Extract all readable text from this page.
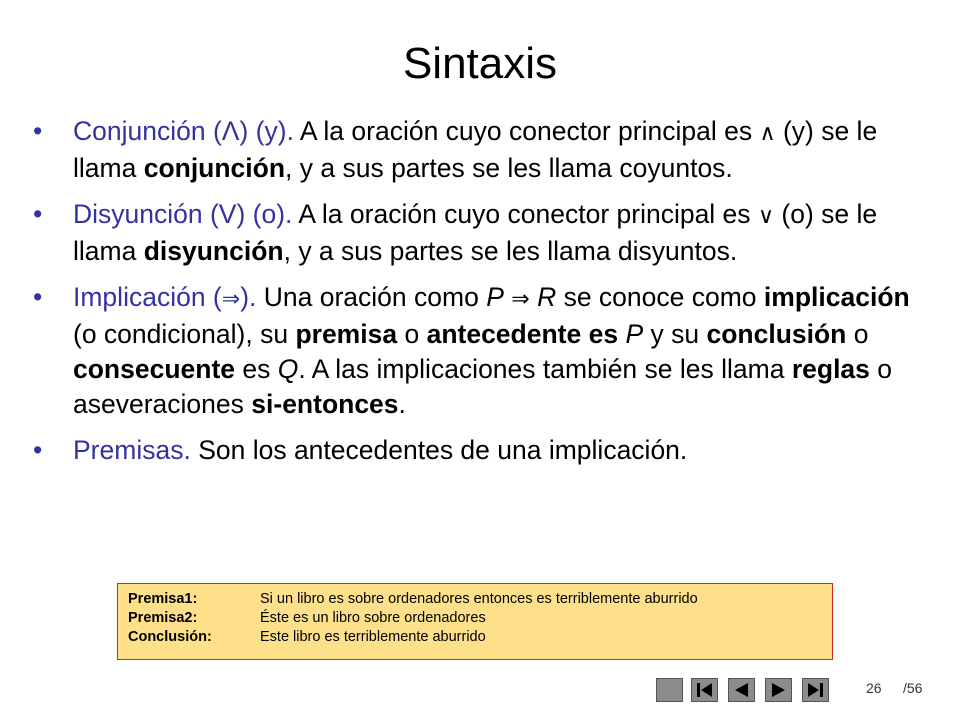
Sintaxis
• Conjunción (Λ) (y). A la oración cuyo conector principal es ∧ (y) se le llama conjunción, y a sus partes se les llama coyuntos.
• Disyunción (V) (o). A la oración cuyo conector principal es ∨ (o) se le llama disyunción, y a sus partes se les llama disyuntos.
• Implicación (⇒). Una oración como P ⇒ R se conoce como implicación (o condicional), su premisa o antecedente es P y su conclusión o consecuente es Q. A las implicaciones también se les llama reglas o aseveraciones si-entonces.
• Premisas. Son los antecedentes de una implicación.
Premisa1:	Si un libro es sobre ordenadores entonces es terriblemente aburrido
Premisa2:	Éste es un libro sobre ordenadores
Conclusión:	Este libro es terriblemente aburrido
26 /56
